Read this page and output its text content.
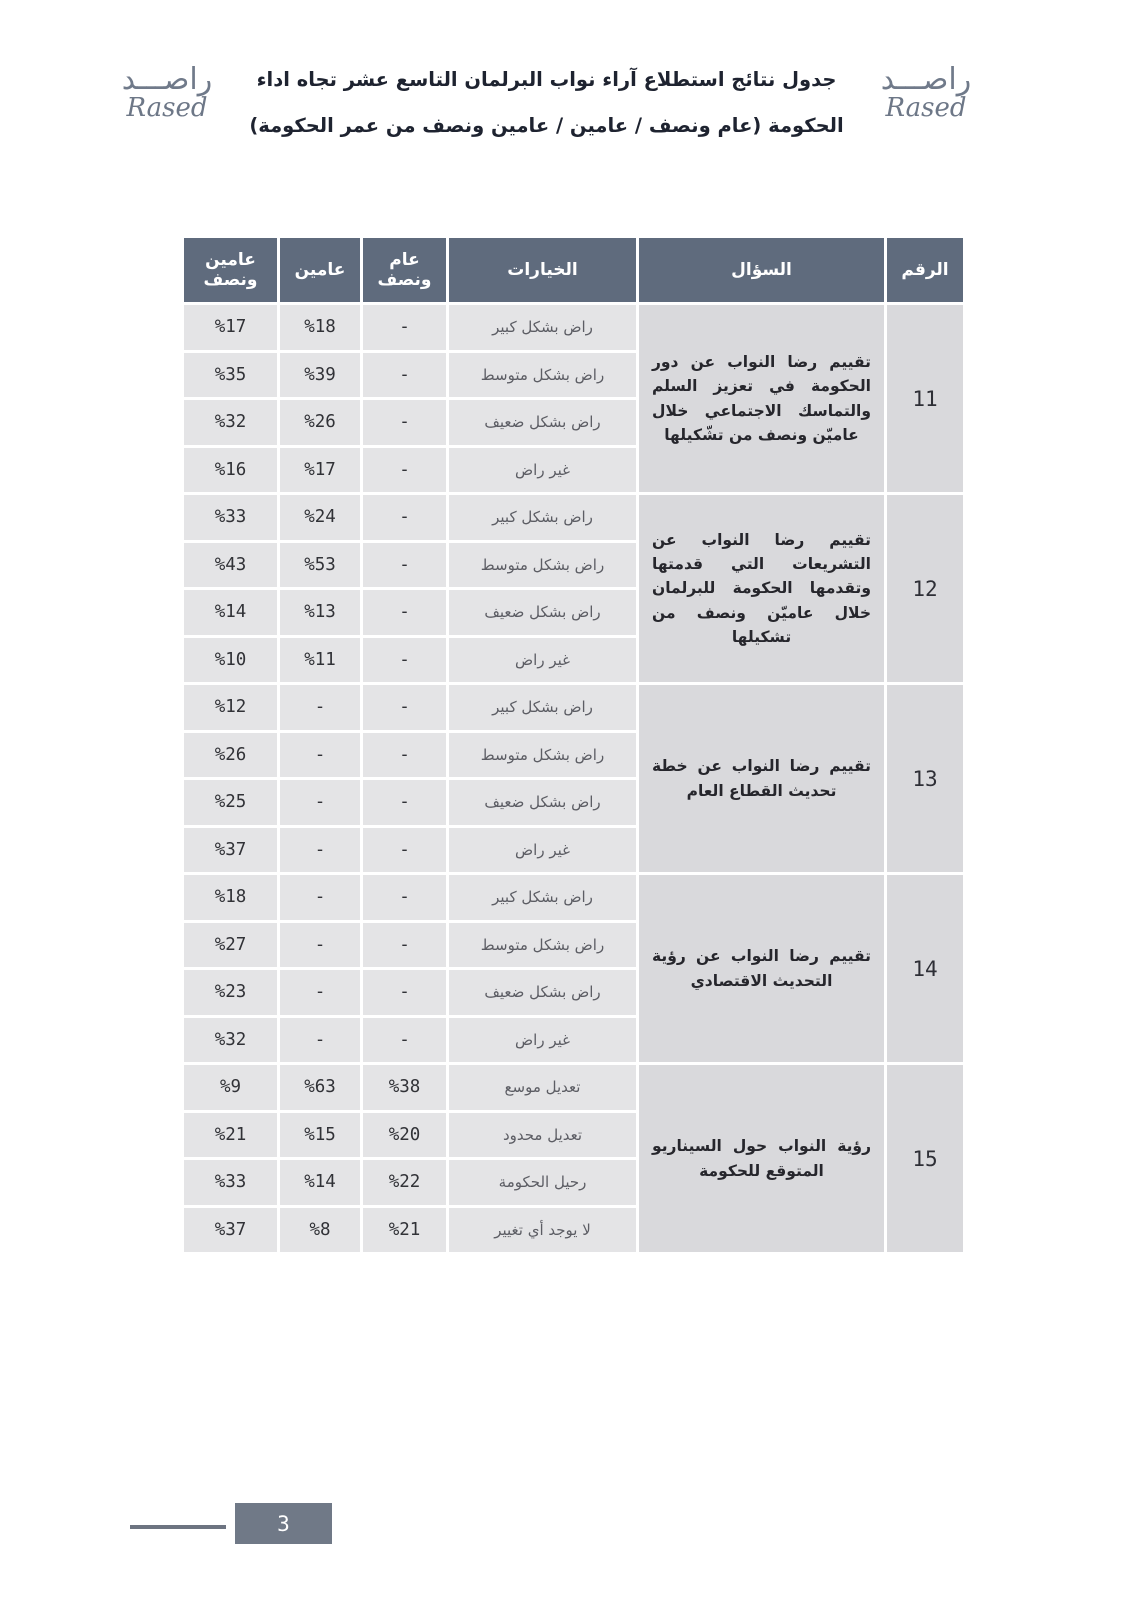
راصـــد
Rased
جدول نتائج استطلاع آراء نواب البرلمان التاسع عشر تجاه اداء
الحكومة (عام ونصف / عامين / عامين ونصف من عمر الحكومة)
راصـــد
Rased
الرقم
السؤال
الخيارات
عام ونصف
عامين
عامين ونصف
11
تقييم رضا النواب عن دور الحكومة في تعزيز السلم والتماسك الاجتماعي خلال عاميّن ونصف من تشّكيلها
راض بشكل كبير
-
%18
%17
راض بشكل متوسط
-
%39
%35
راض بشكل ضعيف
-
%26
%32
غير راض
-
%17
%16
12
تقييم رضا النواب عن التشريعات التي قدمتها وتقدمها الحكومة للبرلمان خلال عاميّن ونصف من تشكيلها
راض بشكل كبير
-
%24
%33
راض بشكل متوسط
-
%53
%43
راض بشكل ضعيف
-
%13
%14
غير راض
-
%11
%10
13
تقييم رضا النواب عن خطة تحديث القطاع العام
راض بشكل كبير
-
-
%12
راض بشكل متوسط
-
-
%26
راض بشكل ضعيف
-
-
%25
غير راض
-
-
%37
14
تقييم رضا النواب عن رؤية التحديث الاقتصادي
راض بشكل كبير
-
-
%18
راض بشكل متوسط
-
-
%27
راض بشكل ضعيف
-
-
%23
غير راض
-
-
%32
15
رؤية النواب حول السيناريو المتوقع للحكومة
تعديل موسع
%38
%63
%9
تعديل محدود
%20
%15
%21
رحيل الحكومة
%22
%14
%33
لا يوجد أي تغيير
%21
%8
%37
3
